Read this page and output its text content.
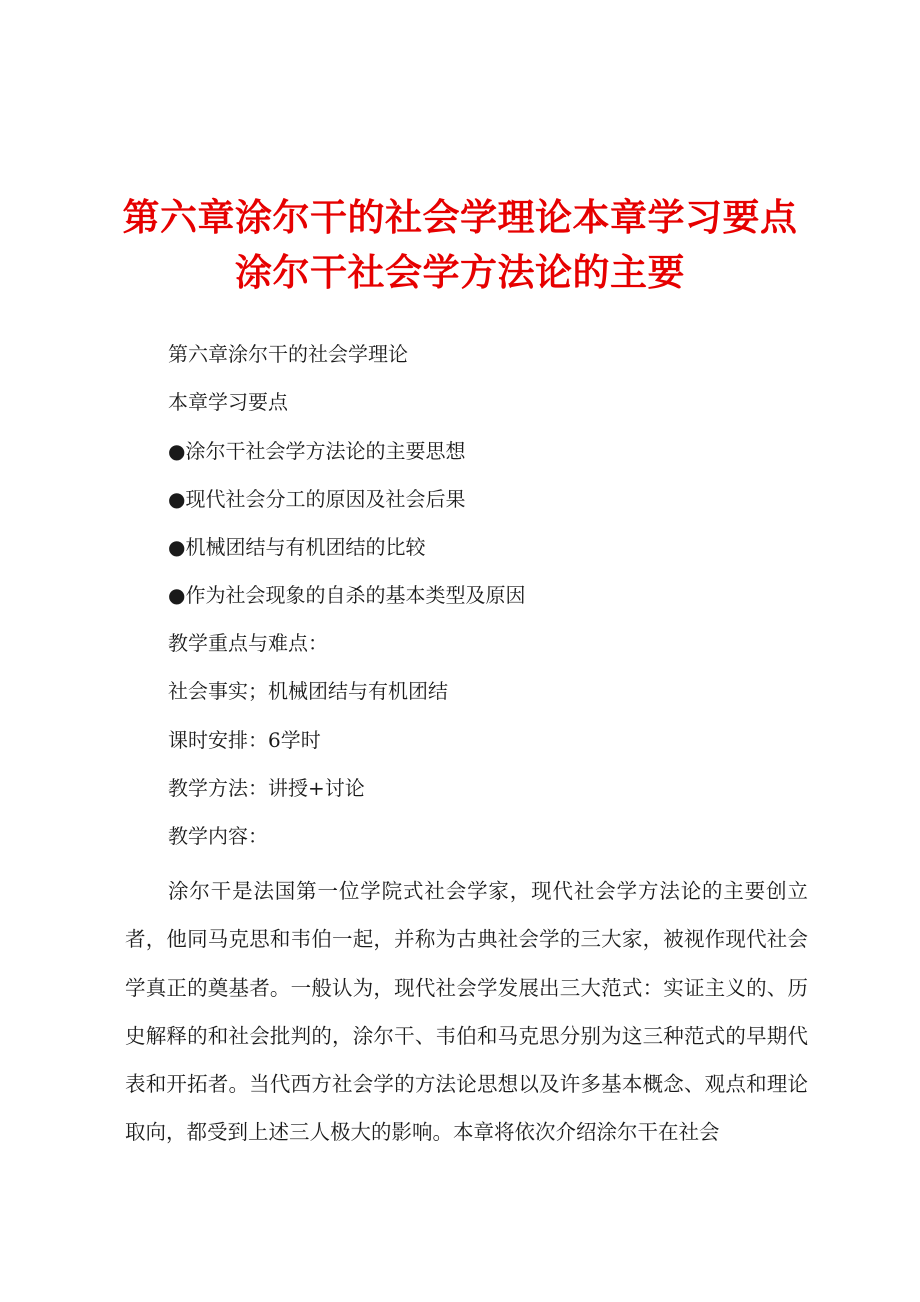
第六章涂尔干的社会学理论本章学习要点涂尔干社会学方法论的主要

第六章涂尔干的社会学理论

本章学习要点

●涂尔干社会学方法论的主要思想

●现代社会分工的原因及社会后果

●机械团结与有机团结的比较

●作为社会现象的自杀的基本类型及原因

教学重点与难点：

社会事实；机械团结与有机团结

课时安排：6学时

教学方法：讲授+讨论

教学内容：

涂尔干是法国第一位学院式社会学家，现代社会学方法论的主要创立者，他同马克思和韦伯一起，并称为古典社会学的三大家，被视作现代社会学真正的奠基者。一般认为，现代社会学发展出三大范式：实证主义的、历史解释的和社会批判的，涂尔干、韦伯和马克思分别为这三种范式的早期代表和开拓者。当代西方社会学的方法论思想以及许多基本概念、观点和理论取向，都受到上述三人极大的影响。本章将依次介绍涂尔干在社会
